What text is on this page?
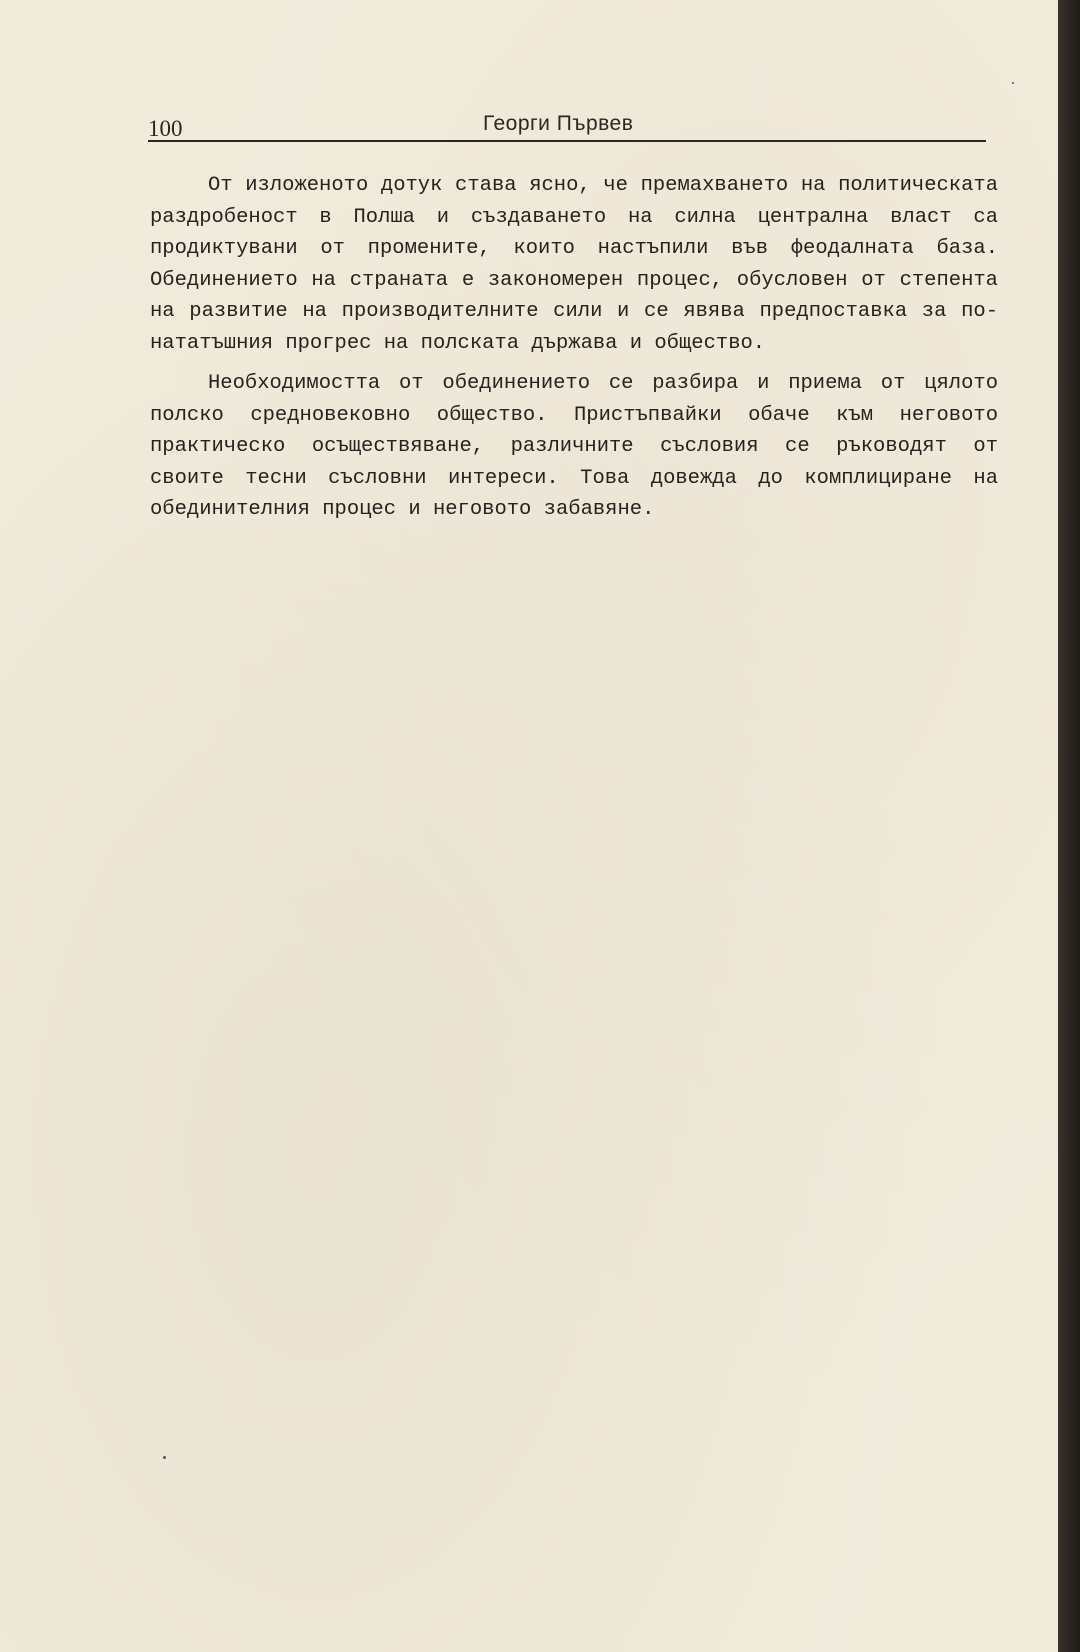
100	Георги Първев

От изложеното дотук става ясно, че премахването на политическата раздробеност в Полша и създаването на силна централна власт са продиктувани от промените, които настъпили във феодалната база. Обединението на страната е закономерен процес, обусловен от степента на развитие на производителните сили и се явява предпоставка за по-нататъшния прогрес на полската държава и общество.

Необходимостта от обединението се разбира и приема от цялото полско средновековно общество. Пристъпвайки обаче към неговото практическо осъществяване, различните съсловия се ръководят от своите тесни съсловни интереси. Това довежда до комплициране на обединителния процес и неговото забавяне.
